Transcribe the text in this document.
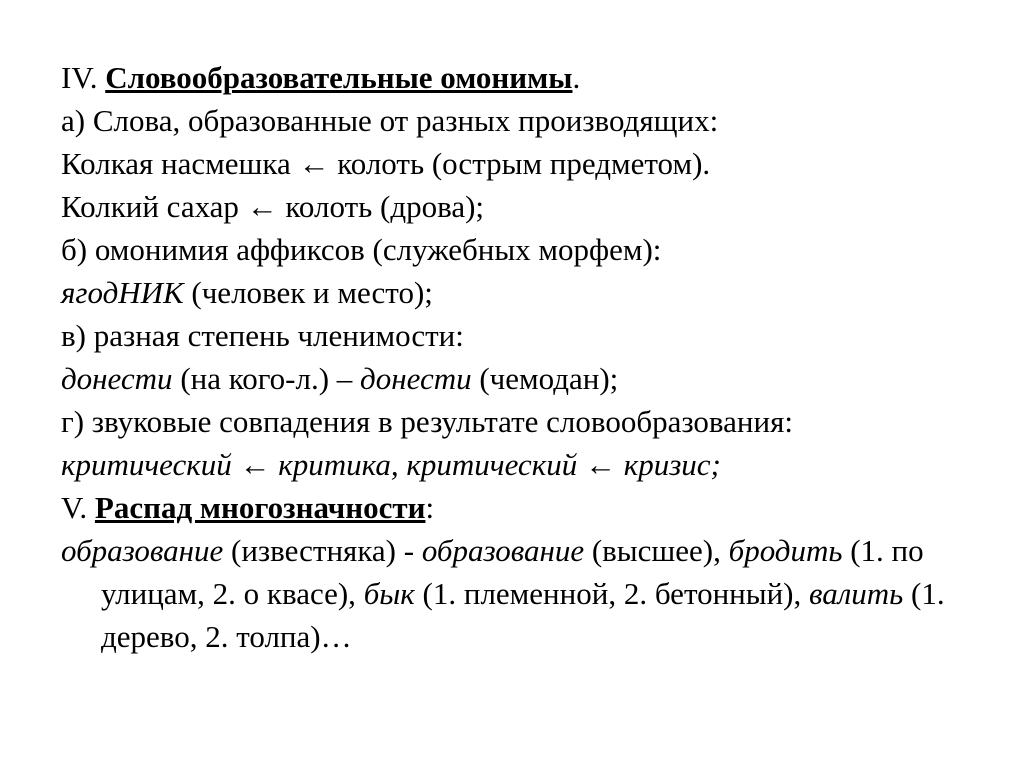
IV. Словообразовательные омонимы.
а) Слова, образованные от разных производящих:
Колкая насмешка ← колоть (острым предметом).
Колкий сахар ← колоть (дрова);
б) омонимия аффиксов (служебных морфем):
ягодНИК (человек и место);
в) разная степень членимости:
донести (на кого-л.) – донести (чемодан);
г) звуковые совпадения в результате словообразования:
критический ← критика, критический ← кризис;
V. Распад многозначности:
образование (известняка) - образование (высшее), бродить (1. по улицам, 2. о квасе), бык (1. племенной, 2. бетонный), валить (1. дерево, 2. толпа)…
